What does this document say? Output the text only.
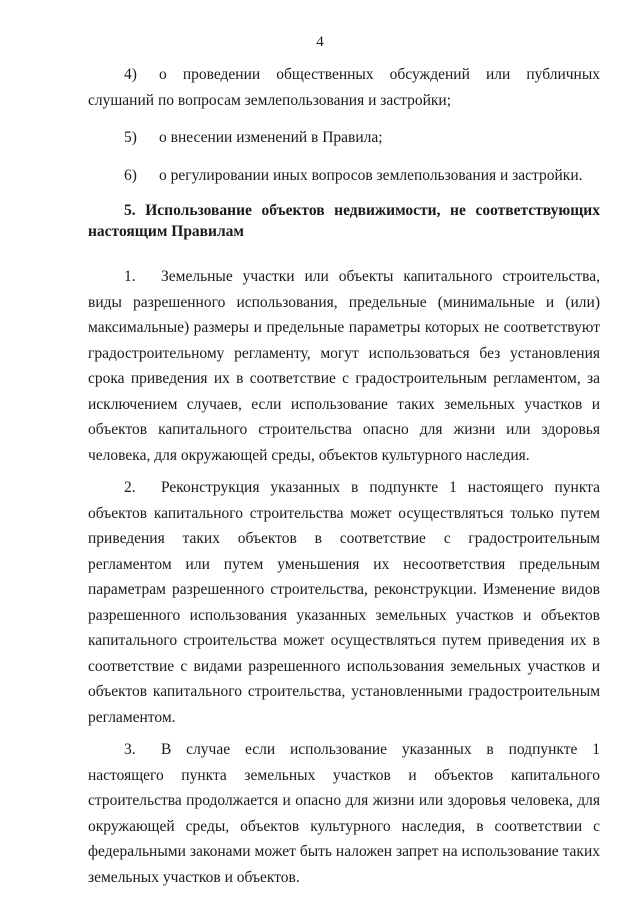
4
4) о проведении общественных обсуждений или публичных слушаний по вопросам землепользования и застройки;
5) о внесении изменений в Правила;
6) о регулировании иных вопросов землепользования и застройки.
5. Использование объектов недвижимости, не соответствующих настоящим Правилам
1. Земельные участки или объекты капитального строительства, виды разрешенного использования, предельные (минимальные и (или) максимальные) размеры и предельные параметры которых не соответствуют градостроительному регламенту, могут использоваться без установления срока приведения их в соответствие с градостроительным регламентом, за исключением случаев, если использование таких земельных участков и объектов капитального строительства опасно для жизни или здоровья человека, для окружающей среды, объектов культурного наследия.
2. Реконструкция указанных в подпункте 1 настоящего пункта объектов капитального строительства может осуществляться только путем приведения таких объектов в соответствие с градостроительным регламентом или путем уменьшения их несоответствия предельным параметрам разрешенного строительства, реконструкции. Изменение видов разрешенного использования указанных земельных участков и объектов капитального строительства может осуществляться путем приведения их в соответствие с видами разрешенного использования земельных участков и объектов капитального строительства, установленными градостроительным регламентом.
3. В случае если использование указанных в подпункте 1 настоящего пункта земельных участков и объектов капитального строительства продолжается и опасно для жизни или здоровья человека, для окружающей среды, объектов культурного наследия, в соответствии с федеральными законами может быть наложен запрет на использование таких земельных участков и объектов.
